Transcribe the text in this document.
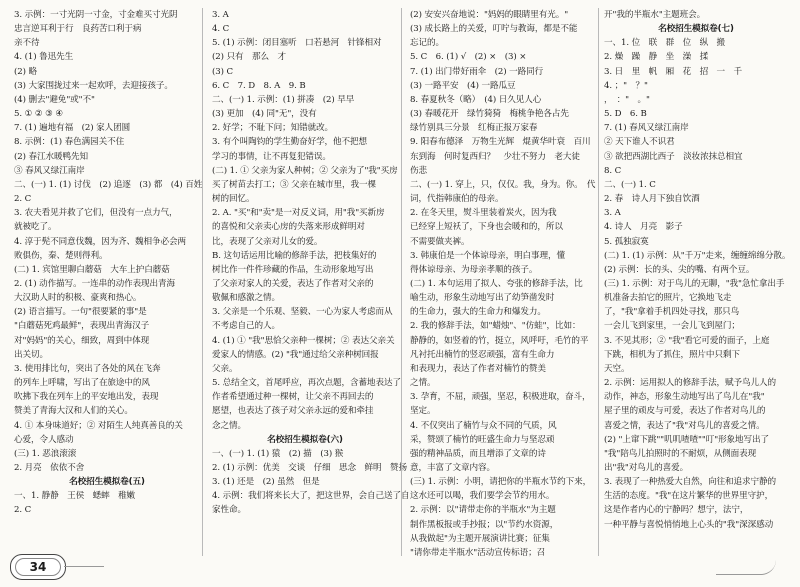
3. 示例：一寸光阴一寸金，寸金难买寸光阴
忠言逆耳利于行　良药苦口利于病
亲不待
4. (1) 鲁迅先生
(2) 略
(3) 大家围拢过来一起欢呼，去迎接孩子。
(4) 删去"避免"或"不"
5. ① ② ③ ④
7. (1) 遍地有福　(2) 家人团圆
8. 示例：(1) 春色满园关不住
(2) 春江水暖鸭先知
③ 春风又绿江南岸
二、(一) 1. (1) 讨伐　(2) 追逐　(3) 都　(4) 百姓
2. C
3. 农夫看见并救了它们，但没有一点力气，
就被吃了。
4. 淳于髡不同意伐魏，因为齐、魏相争必会两
败俱伤，秦、楚则得利。
(二) 1. 宾馆里聊白蘑菇　大车上护白蘑菇
2. (1) 动作描写。一连串的动作表现出青海
大汉助人时的积极、豪爽和热心。
(2) 语言描写。一句"很要紧的事"是
"白蘑菇死鸡最鲜"，表现出青海汉子
对"妈妈"的关心，细致，周到中体现
出关切。
3. 使用排比句，突出了各处的风在飞奔
的列车上呼啸，写出了在旅途中的风
吹拂下我在列车上的平安地出发，表现
赞美了青海大汉和人们的关心。
4. ① 本身味道好；② 对陌生人纯真善良的关
心爱，令人感动
(三) 1. 恶浪滚滚
2. 月亮　依依不舍
名校招生模拟卷(五)
一、1. 静静　王侯　蟋蟀　稚嫩
2. C
3. A
4. C
5. (1) 示例：闭目塞听　口若悬河　针锋相对
(2) 只有　那么　才
(3) C
6. C　7. D　8. A　9. B
二、(一) 1. 示例：(1) 拼凑　(2) 早早
(3) 更加　(4) 同"无"，没有
2. 好学；不耻下问；知错就改。
3. 有个叫陶钧的学生勤奋好学，他不把想
学习的事情，让不再复犯错误。
(二) 1. ① 父亲为家人种树；② 父亲为了"我"买房
买了树苗去打工；③ 父亲在城市里，我一棵
树的回忆。
2. A. "买"和"卖"是一对反义词，用"我"买新房
的喜悦和父亲卖心房的失落来形成鲜明对
比，表现了父亲对儿女的爱。
B. 这句话运用比喻的修辞手法，把枝集好的
树比作一件件珍藏的作品，生动形象地写出
了父亲对家人的关爱，表达了作者对父亲的
敬佩和感激之情。
3. 父亲是一个乐观、坚毅、一心为家人考虑而从
不考虑自己的人。
4. (1) ① "我"思恰父亲种一棵树；② 表达父亲关
爱家人的情感。(2) "我"通过给父亲种树回报
父亲。
5. 总结全文，首尾呼应，再次点题，含蓄地表达了
作者希望通过种一棵树，让父亲不再回去的
愿望，也表达了孩子对父亲永远的爱和牵挂
念之情。
名校招生模拟卷(六)
一、(一) 1. (1) 猿　(2) 描　(3) 猴
2. (1) 示例：优美　交谈　仔细　思念　鲜明　赞扬
3. (1) 还是　(2) 虽然　但是
4. 示例：我们将来长大了，把这世界，会自己送了自
家性命。
(2) 安安兴奋地说："妈妈的眼睛里有光。"
(3) 成长路上的关爱，叮咛与教诲，都是不能
忘记的。
5. C　6. (1) √　(2) ×　(3) ×
7. (1) 出门带好雨伞　(2) 一路同行
(3) 一路平安　(4) 一路瓜豆
8. 春夏秋冬（略）　(4) 日久见人心
(3) 春暖花开　绿竹猗猗　梅桃争艳各占先
绿竹别具三分景　红梅正报万家春
9. 阳春布德泽　万物生光辉　焜黄华叶衰　百川
东到海　何时复西归？　少壮不努力　老大徒
伤悲
二、(一) 1. 穿上，只，仅仅。我，身为。你。　代
词，代指韩康伯的母亲。
2. 在冬天里，熨斗里装着炭火，因为我
已经穿上短袄了，下身也会暖和的，所以
不需要做夹裤。
3. 韩康伯是一个体谅母亲，明白事理，懂
得体谅母亲、为母亲孝顺的孩子。
(二) 1. 本句运用了拟人、夸张的修辞手法，比
喻生动，形象生动地写出了幼笋凿发时
的生命力，强大的生命力和爆发力。
2. 我的修辞手法，如"蜡烛"、"仿蛙"，比如：
静静的，如竖着的竹，挺立，风呼吁，毛竹的平
凡衬托出楠竹的竖忍顽强，富有生命力
和表现力，表达了作者对楠竹的赞美
之情。
3. 孕育，不屈，顽强，坚忍，积极进取，奋斗，
坚定。
4. 不仅突出了楠竹与众不同的气质，风
采，赞颂了楠竹的旺盛生命力与坚忍顽
强的精神品质，而且增添了文章的诗
意，丰富了文章内容。
(三) 1. 示例：小明，请把你的半瓶水节约下来，
这水还可以喝，我们要学会节约用水。
2. 示例：以"请带走你的半瓶水"为主题
制作黑板报或手抄报；以"节约水资源，
从我做起"为主题开展演讲比赛；征集
"请你带走半瓶水"活动宣传标语；召
开"我的半瓶水"主题班会。
名校招生模拟卷(七)
一、1. 位　联　群　位　纵　搬
2. 燥　躁　静　坐　澡　揉
3. 日　里　帆　厢　花　招　一　千
4. ；"　？"
，　："　。"
5. D　6. B
7. (1) 春风又绿江南岸
② 天下谁人不识君
③ 欲把西湖比西子　淡妆浓抹总相宜
8. C
二、(一) 1. C
2. 春　诗人月下独自饮酒
3. A
4. 诗人　月亮　影子
5. 孤独寂寞
(二) 1. (1) 示例：从"千万"走来，缠缠绵绵分散。
(2) 示例：长的头、尖的嘴、有两个豆。
(三) 1. 示例：对于鸟儿的无聊，"我"急忙拿出手
机准备去拍它的照片，它换地飞走
了，"我"拿着手机四处寻找，那只鸟
一会儿飞到家里，一会儿飞到屋门；
3. 不见其形；② "我"看它可爱的面子，上庭
下跳，相机为了抓住，照片中只剩下
天空。
2. 示例：运用拟人的修辞手法，赋予鸟儿人的
动作，神态，形象生动地写出了鸟儿在"我"
屋子里的顽皮与可爱，表达了作者对鸟儿的
喜爱之情，表达了"我"对鸟儿的喜爱之情。
(2) "上窜下跳""叽叽喳喳""叮"形象地写出了
"我"陪鸟儿拍照时的不耐烦，从侧面表现
出"我"对鸟儿的喜爱。
3. 表现了一种热爱大自然，向往和追求宁静的
生活的态度。"我"在这片繁华的世界里守护，
这是作者内心的宁静吗？想宁，法宁，
一种平静与喜悦悄悄地上心头的"我"深深感动
34
